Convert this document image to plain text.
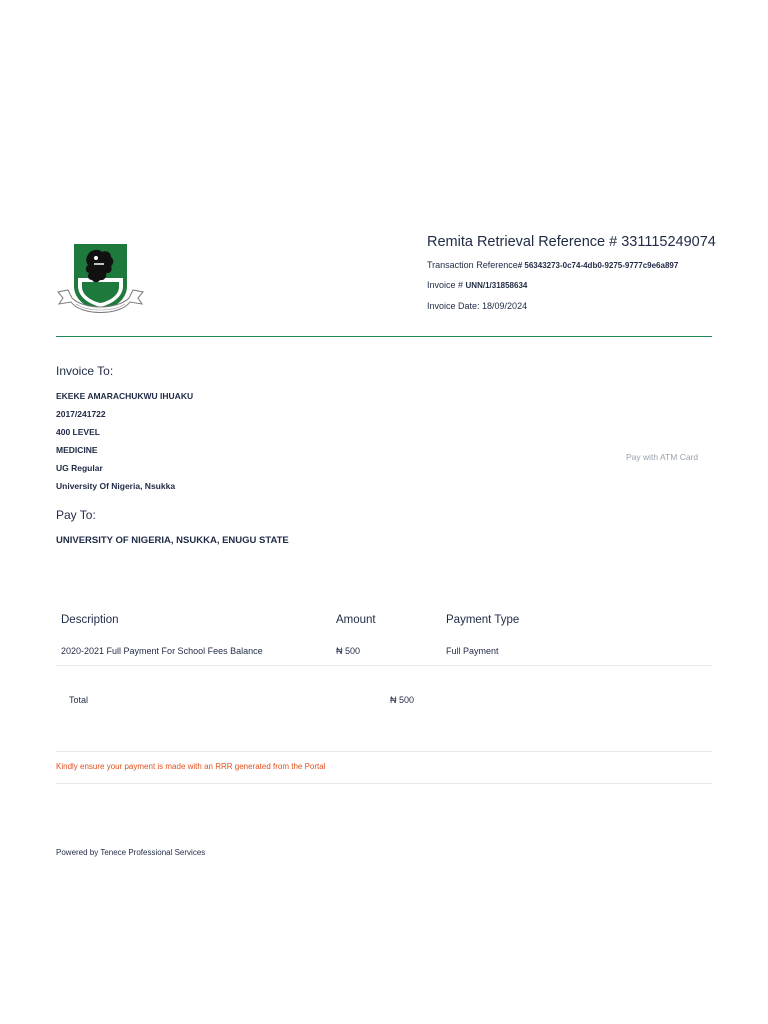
· · · · · · · · · · · · · · ·
Remita Retrieval Reference # 331115249074
Transaction Reference# 56343273-0c74-4db0-9275-9777c9e6a897
Invoice # UNN/1/31858634
Invoice Date: 18/09/2024
Invoice To:
EKEKE AMARACHUKWU IHUAKU
2017/241722
400 LEVEL
MEDICINE
UG Regular
University Of Nigeria, Nsukka
Pay with ATM Card
Pay To:
UNIVERSITY OF NIGERIA, NSUKKA, ENUGU STATE
Description	Amount	Payment Type
2020-2021 Full Payment For School Fees Balance	₦ 500	Full Payment
Total	₦ 500
Kindly ensure your payment is made with an RRR generated from the Portal
Powered by Tenece Professional Services
